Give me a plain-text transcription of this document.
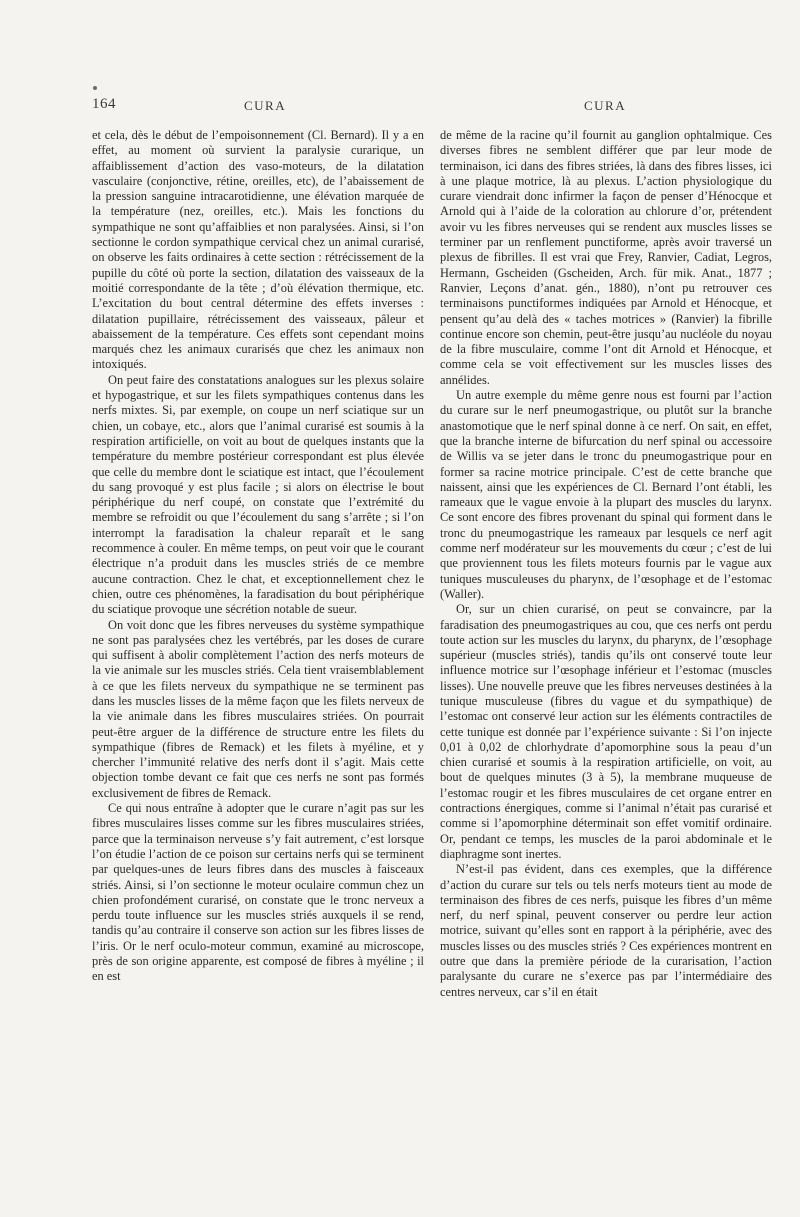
164	CURA	CURA

et cela, dès le début de l’empoisonnement (Cl. Bernard). Il y a en effet, au moment où survient la paralysie curarique, un affaiblissement d’action des vaso-moteurs, de la dilatation vasculaire (conjonctive, rétine, oreilles, etc), de l’abaissement de la pression sanguine intracarotidienne, une élévation marquée de la température (nez, oreilles, etc.). Mais les fonctions du sympathique ne sont qu’affaiblies et non paralysées. Ainsi, si l’on sectionne le cordon sympathique cervical chez un animal curarisé, on observe les faits ordinaires à cette section : rétrécissement de la pupille du côté où porte la section, dilatation des vaisseaux de la moitié correspondante de la tête ; d’où élévation thermique, etc. L’excitation du bout central détermine des effets inverses : dilatation pupillaire, rétrécissement des vaisseaux, pâleur et abaissement de la température. Ces effets sont cependant moins marqués chez les animaux curarisés que chez les animaux non intoxiqués.

On peut faire des constatations analogues sur les plexus solaire et hypogastrique, et sur les filets sympathiques contenus dans les nerfs mixtes. Si, par exemple, on coupe un nerf sciatique sur un chien, un cobaye, etc., alors que l’animal curarisé est soumis à la respiration artificielle, on voit au bout de quelques instants que la température du membre postérieur correspondant est plus élevée que celle du membre dont le sciatique est intact, que l’écoulement du sang provoqué y est plus facile ; si alors on électrise le bout périphérique du nerf coupé, on constate que l’extrémité du membre se refroidit ou que l’écoulement du sang s’arrête ; si l’on interrompt la faradisation la chaleur reparaît et le sang recommence à couler. En même temps, on peut voir que le courant électrique n’a produit dans les muscles striés de ce membre aucune contraction. Chez le chat, et exceptionnellement chez le chien, outre ces phénomènes, la faradisation du bout périphérique du sciatique provoque une sécrétion notable de sueur.

On voit donc que les fibres nerveuses du système sympathique ne sont pas paralysées chez les vertébrés, par les doses de curare qui suffisent à abolir complètement l’action des nerfs moteurs de la vie animale sur les muscles striés. Cela tient vraisemblablement à ce que les filets nerveux du sympathique ne se terminent pas dans les muscles lisses de la même façon que les filets nerveux de la vie animale dans les fibres musculaires striées. On pourrait peut-être arguer de la différence de structure entre les filets du sympathique (fibres de Remack) et les filets à myéline, et y chercher l’immunité relative des nerfs dont il s’agit. Mais cette objection tombe devant ce fait que ces nerfs ne sont pas formés exclusivement de fibres de Remack.

Ce qui nous entraîne à adopter que le curare n’agit pas sur les fibres musculaires lisses comme sur les fibres musculaires striées, parce que la terminaison nerveuse s’y fait autrement, c’est lorsque l’on étudie l’action de ce poison sur certains nerfs qui se terminent par quelques-unes de leurs fibres dans des muscles à faisceaux striés. Ainsi, si l’on sectionne le moteur oculaire commun chez un chien profondément curarisé, on constate que le tronc nerveux a perdu toute influence sur les muscles striés auxquels il se rend, tandis qu’au contraire il conserve son action sur les fibres lisses de l’iris. Or le nerf oculo-moteur commun, examiné au microscope, près de son origine apparente, est composé de fibres à myéline ; il en est

de même de la racine qu’il fournit au ganglion ophtalmique. Ces diverses fibres ne semblent différer que par leur mode de terminaison, ici dans des fibres striées, là dans des fibres lisses, ici à une plaque motrice, là au plexus. L’action physiologique du curare viendrait donc infirmer la façon de penser d’Hénocque et Arnold qui à l’aide de la coloration au chlorure d’or, prétendent avoir vu les fibres nerveuses qui se rendent aux muscles lisses se terminer par un renflement punctiforme, après avoir traversé un plexus de fibrilles. Il est vrai que Frey, Ranvier, Cadiat, Legros, Hermann, Gscheiden (Gscheiden, Arch. für mik. Anat., 1877 ; Ranvier, Leçons d’anat. gén., 1880), n’ont pu retrouver ces terminaisons punctiformes indiquées par Arnold et Hénocque, et pensent qu’au delà des « taches motrices » (Ranvier) la fibrille continue encore son chemin, peut-être jusqu’au nucléole du noyau de la fibre musculaire, comme l’ont dit Arnold et Hénocque, et comme cela se voit effectivement sur les muscles lisses des annélides.

Un autre exemple du même genre nous est fourni par l’action du curare sur le nerf pneumogastrique, ou plutôt sur la branche anastomotique que le nerf spinal donne à ce nerf. On sait, en effet, que la branche interne de bifurcation du nerf spinal ou accessoire de Willis va se jeter dans le tronc du pneumogastrique pour en former sa racine motrice principale. C’est de cette branche que naissent, ainsi que les expériences de Cl. Bernard l’ont établi, les rameaux que le vague envoie à la plupart des muscles du larynx. Ce sont encore des fibres provenant du spinal qui forment dans le tronc du pneumogastrique les rameaux par lesquels ce nerf agit comme nerf modérateur sur les mouvements du cœur ; c’est de lui que proviennent tous les filets moteurs fournis par le vague aux tuniques musculeuses du pharynx, de l’œsophage et de l’estomac (Waller).

Or, sur un chien curarisé, on peut se convaincre, par la faradisation des pneumogastriques au cou, que ces nerfs ont perdu toute action sur les muscles du larynx, du pharynx, de l’œsophage supérieur (muscles striés), tandis qu’ils ont conservé toute leur influence motrice sur l’œsophage inférieur et l’estomac (muscles lisses). Une nouvelle preuve que les fibres nerveuses destinées à la tunique musculeuse (fibres du vague et du sympathique) de l’estomac ont conservé leur action sur les éléments contractiles de cette tunique est donnée par l’expérience suivante : Si l’on injecte 0,01 à 0,02 de chlorhydrate d’apomorphine sous la peau d’un chien curarisé et soumis à la respiration artificielle, on voit, au bout de quelques minutes (3 à 5), la membrane muqueuse de l’estomac rougir et les fibres musculaires de cet organe entrer en contractions énergiques, comme si l’animal n’était pas curarisé et comme si l’apomorphine déterminait son effet vomitif ordinaire. Or, pendant ce temps, les muscles de la paroi abdominale et le diaphragme sont inertes.

N’est-il pas évident, dans ces exemples, que la différence d’action du curare sur tels ou tels nerfs moteurs tient au mode de terminaison des fibres de ces nerfs, puisque les fibres d’un même nerf, du nerf spinal, peuvent conserver ou perdre leur action motrice, suivant qu’elles sont en rapport à la périphérie, avec des muscles lisses ou des muscles striés ? Ces expériences montrent en outre que dans la première période de la curarisation, l’action paralysante du curare ne s’exerce pas par l’intermédiaire des centres nerveux, car s’il en était
